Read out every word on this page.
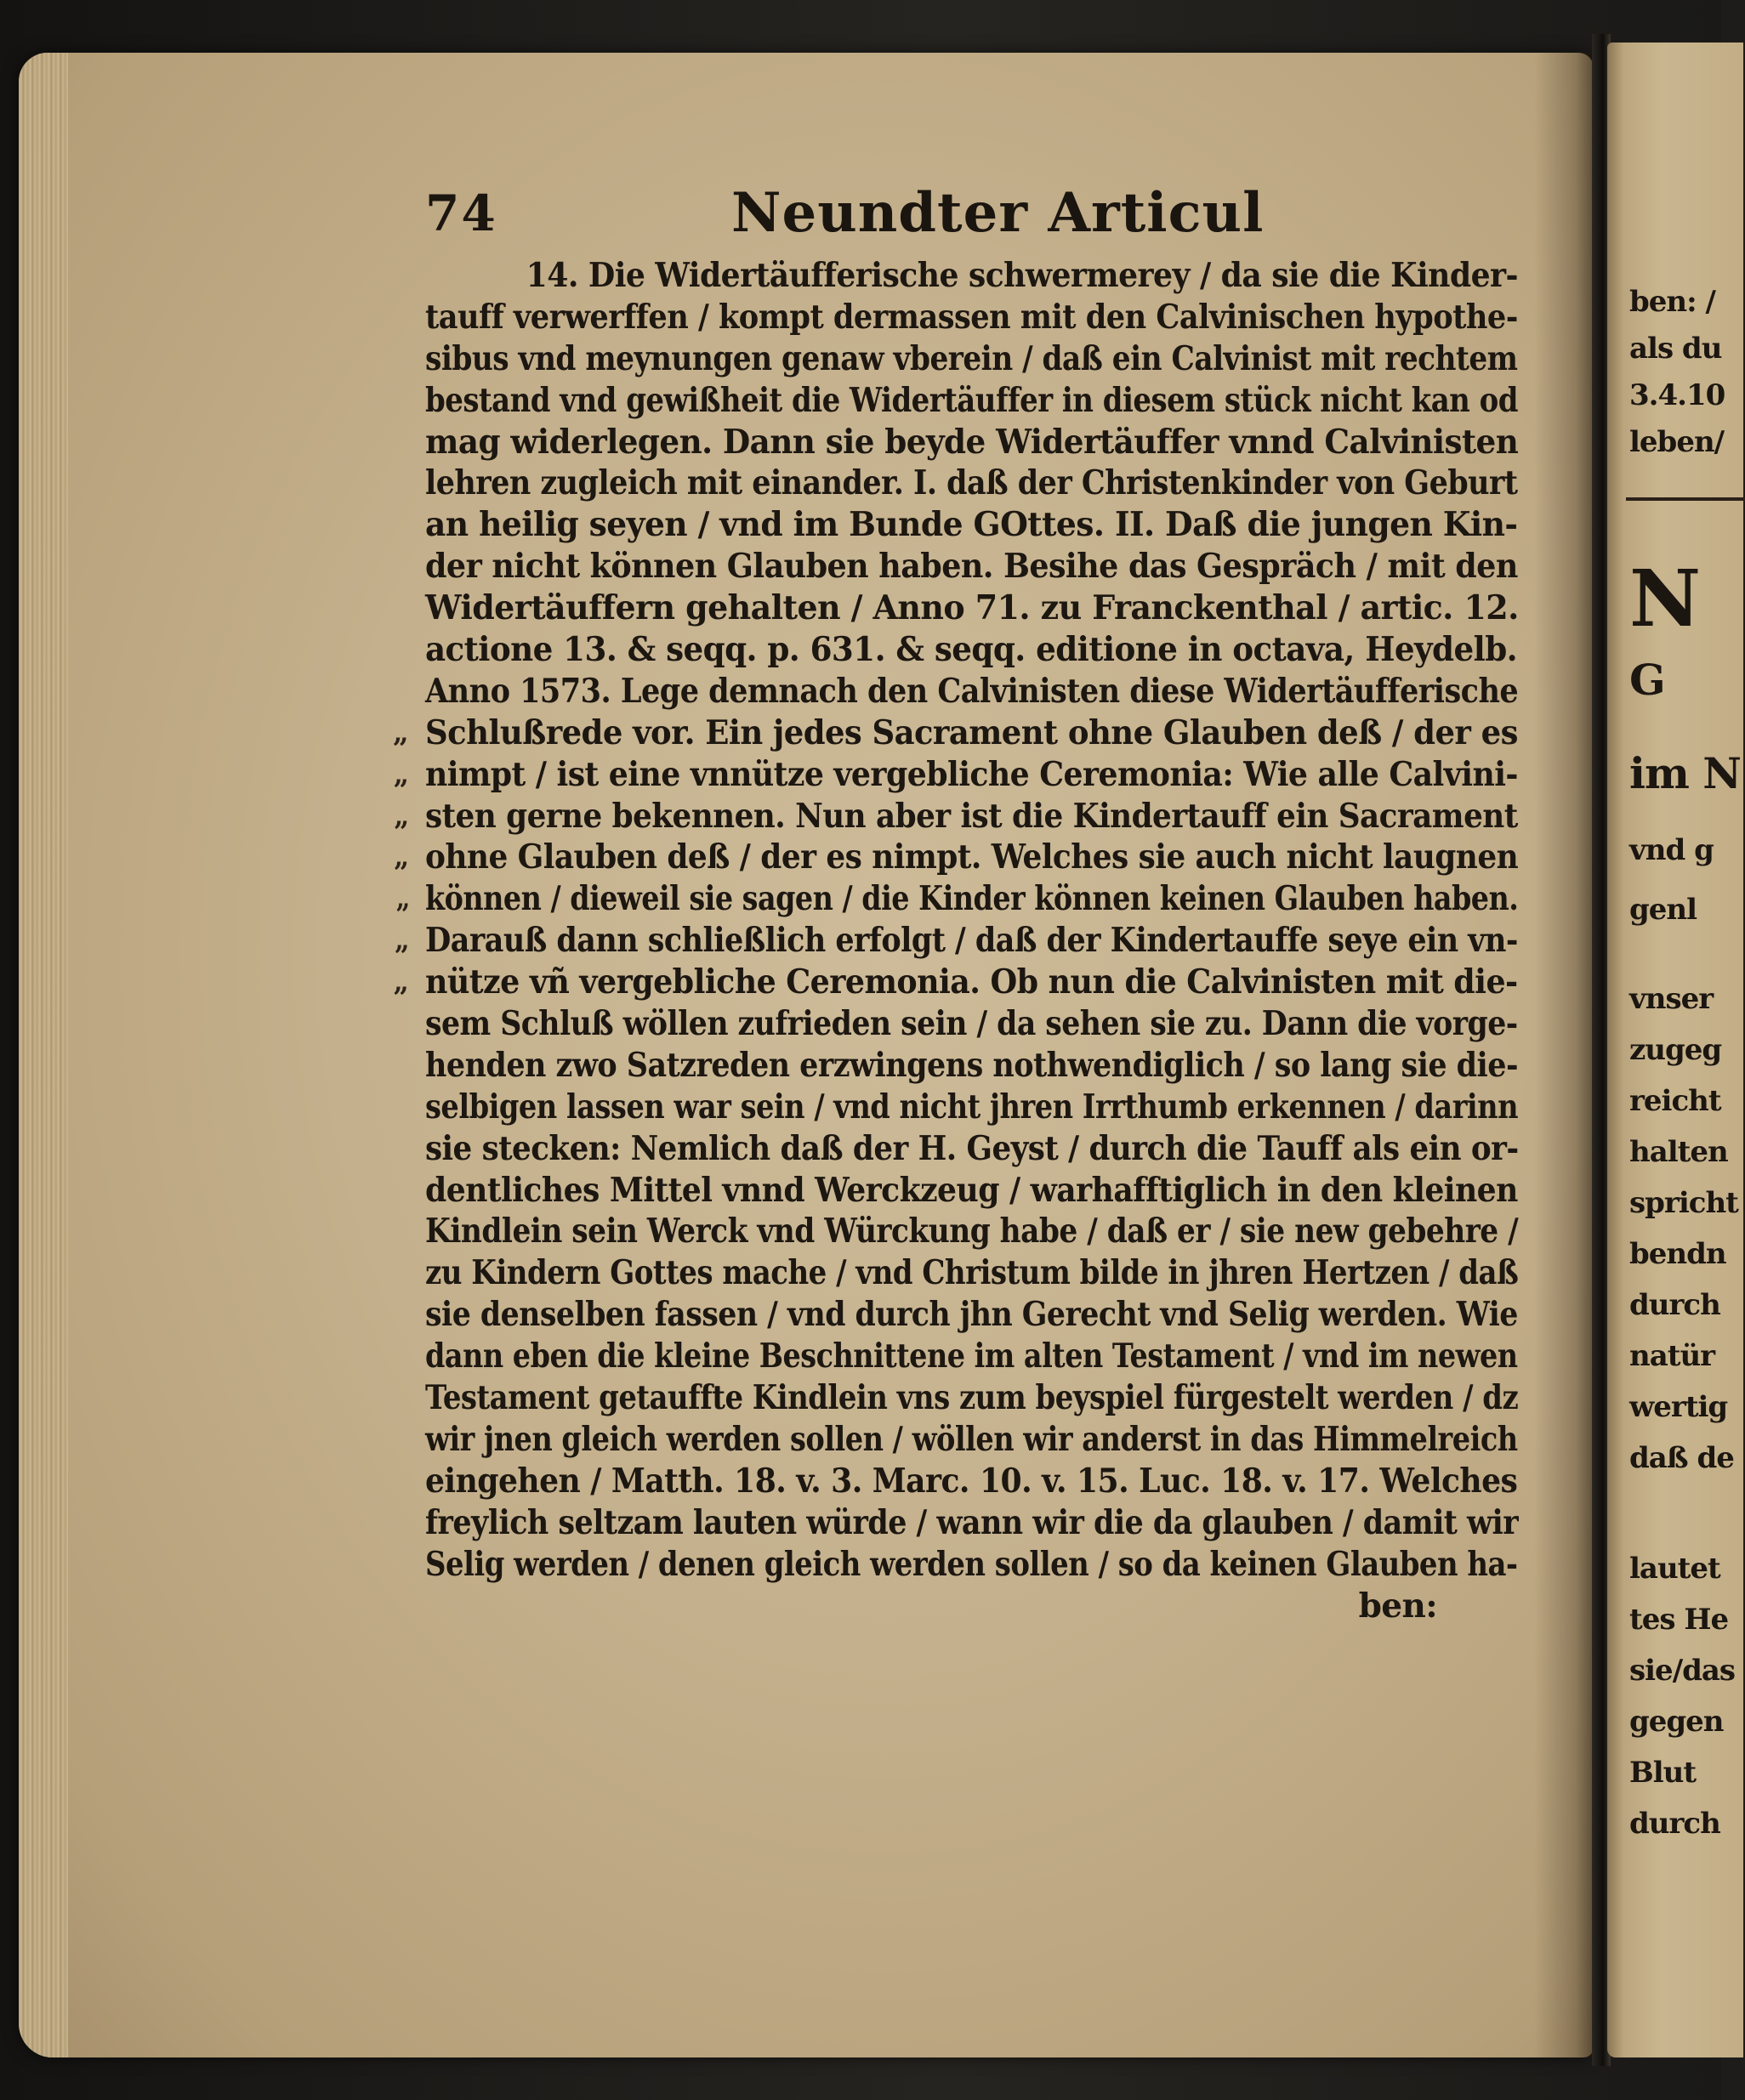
74	Neundter Articul
14. Die Widertäufferische schwermerey / da sie die Kinder-
tauff verwerffen / kompt dermassen mit den Calvinischen hypothe-
sibus vnd meynungen genaw vberein / daß ein Calvinist mit rechtem
bestand vnd gewißheit die Widertäuffer in diesem stück nicht kan od
mag widerlegen. Dann sie beyde Widertäuffer vnnd Calvinisten
lehren zugleich mit einander. I. daß der Christenkinder von Geburt
an heilig seyen / vnd im Bunde GOttes. II. Daß die jungen Kin-
der nicht können Glauben haben. Besihe das Gespräch / mit den
Widertäuffern gehalten / Anno 71. zu Franckenthal / artic. 12.
actione 13. & seqq. p. 631. & seqq. editione in octava, Heydelb.
Anno 1573. Lege demnach den Calvinisten diese Widertäufferische
„ Schlußrede vor. Ein jedes Sacrament ohne Glauben deß / der es
„ nimpt / ist eine vnnütze vergebliche Ceremonia: Wie alle Calvini-
„ sten gerne bekennen. Nun aber ist die Kindertauff ein Sacrament
„ ohne Glauben deß / der es nimpt. Welches sie auch nicht laugnen
„ können / dieweil sie sagen / die Kinder können keinen Glauben haben.
„ Darauß dann schließlich erfolgt / daß der Kindertauffe seye ein vn-
„ nütze vñ vergebliche Ceremonia. Ob nun die Calvinisten mit die-
sem Schluß wöllen zufrieden sein / da sehen sie zu. Dann die vorge-
henden zwo Satzreden erzwingens nothwendiglich / so lang sie die-
selbigen lassen war sein / vnd nicht jhren Irrthumb erkennen / darinn
sie stecken: Nemlich daß der H. Geyst / durch die Tauff als ein or-
dentliches Mittel vnnd Werckzeug / warhafftiglich in den kleinen
Kindlein sein Werck vnd Würckung habe / daß er / sie new gebehre /
zu Kindern Gottes mache / vnd Christum bilde in jhren Hertzen / daß
sie denselben fassen / vnd durch jhn Gerecht vnd Selig werden. Wie
dann eben die kleine Beschnittene im alten Testament / vnd im newen
Testament getauffte Kindlein vns zum beyspiel fürgestelt werden / dz
wir jnen gleich werden sollen / wöllen wir anderst in das Himmelreich
eingehen / Matth. 18. v. 3. Marc. 10. v. 15. Luc. 18. v. 17. Welches
freylich seltzam lauten würde / wann wir die da glauben / damit wir
Selig werden / denen gleich werden sollen / so da keinen Glauben ha-
ben:
ben: /
als du
3.4.10
leben/
N
G
im N
vnd g
genl
vnser
zugeg
reicht
halten
spricht
bendn
durch
natür
wertig
daß de
lautet
tes He
sie/das
gegen
Blut
durch
